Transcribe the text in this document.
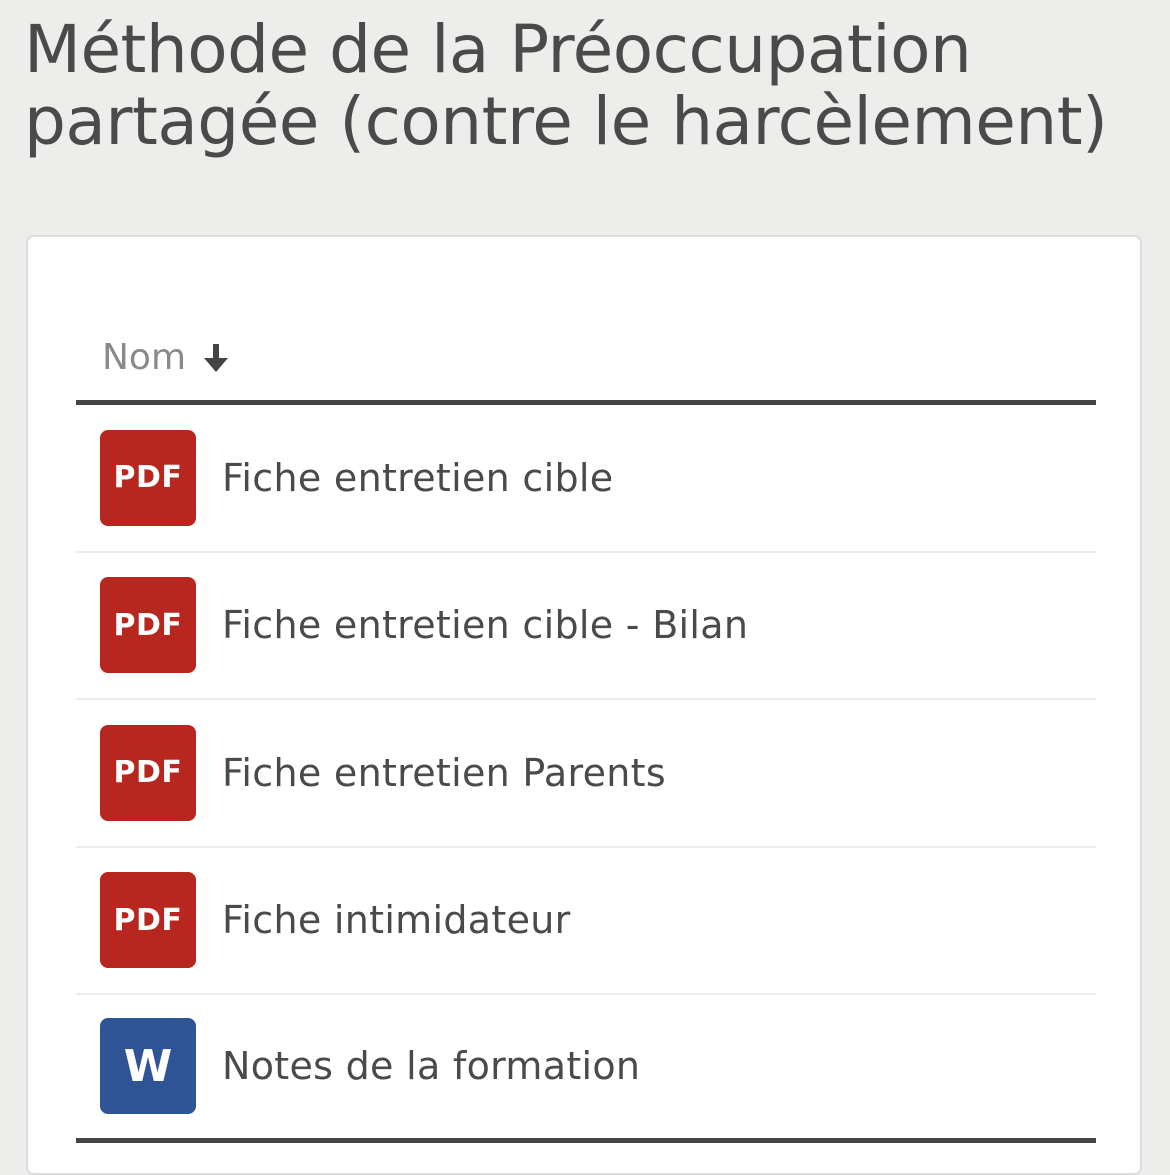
Méthode de la Préoccupation partagée (contre le harcèlement)
Nom
PDF	Fiche entretien cible
PDF	Fiche entretien cible - Bilan
PDF	Fiche entretien Parents
PDF	Fiche intimidateur
W	Notes de la formation
